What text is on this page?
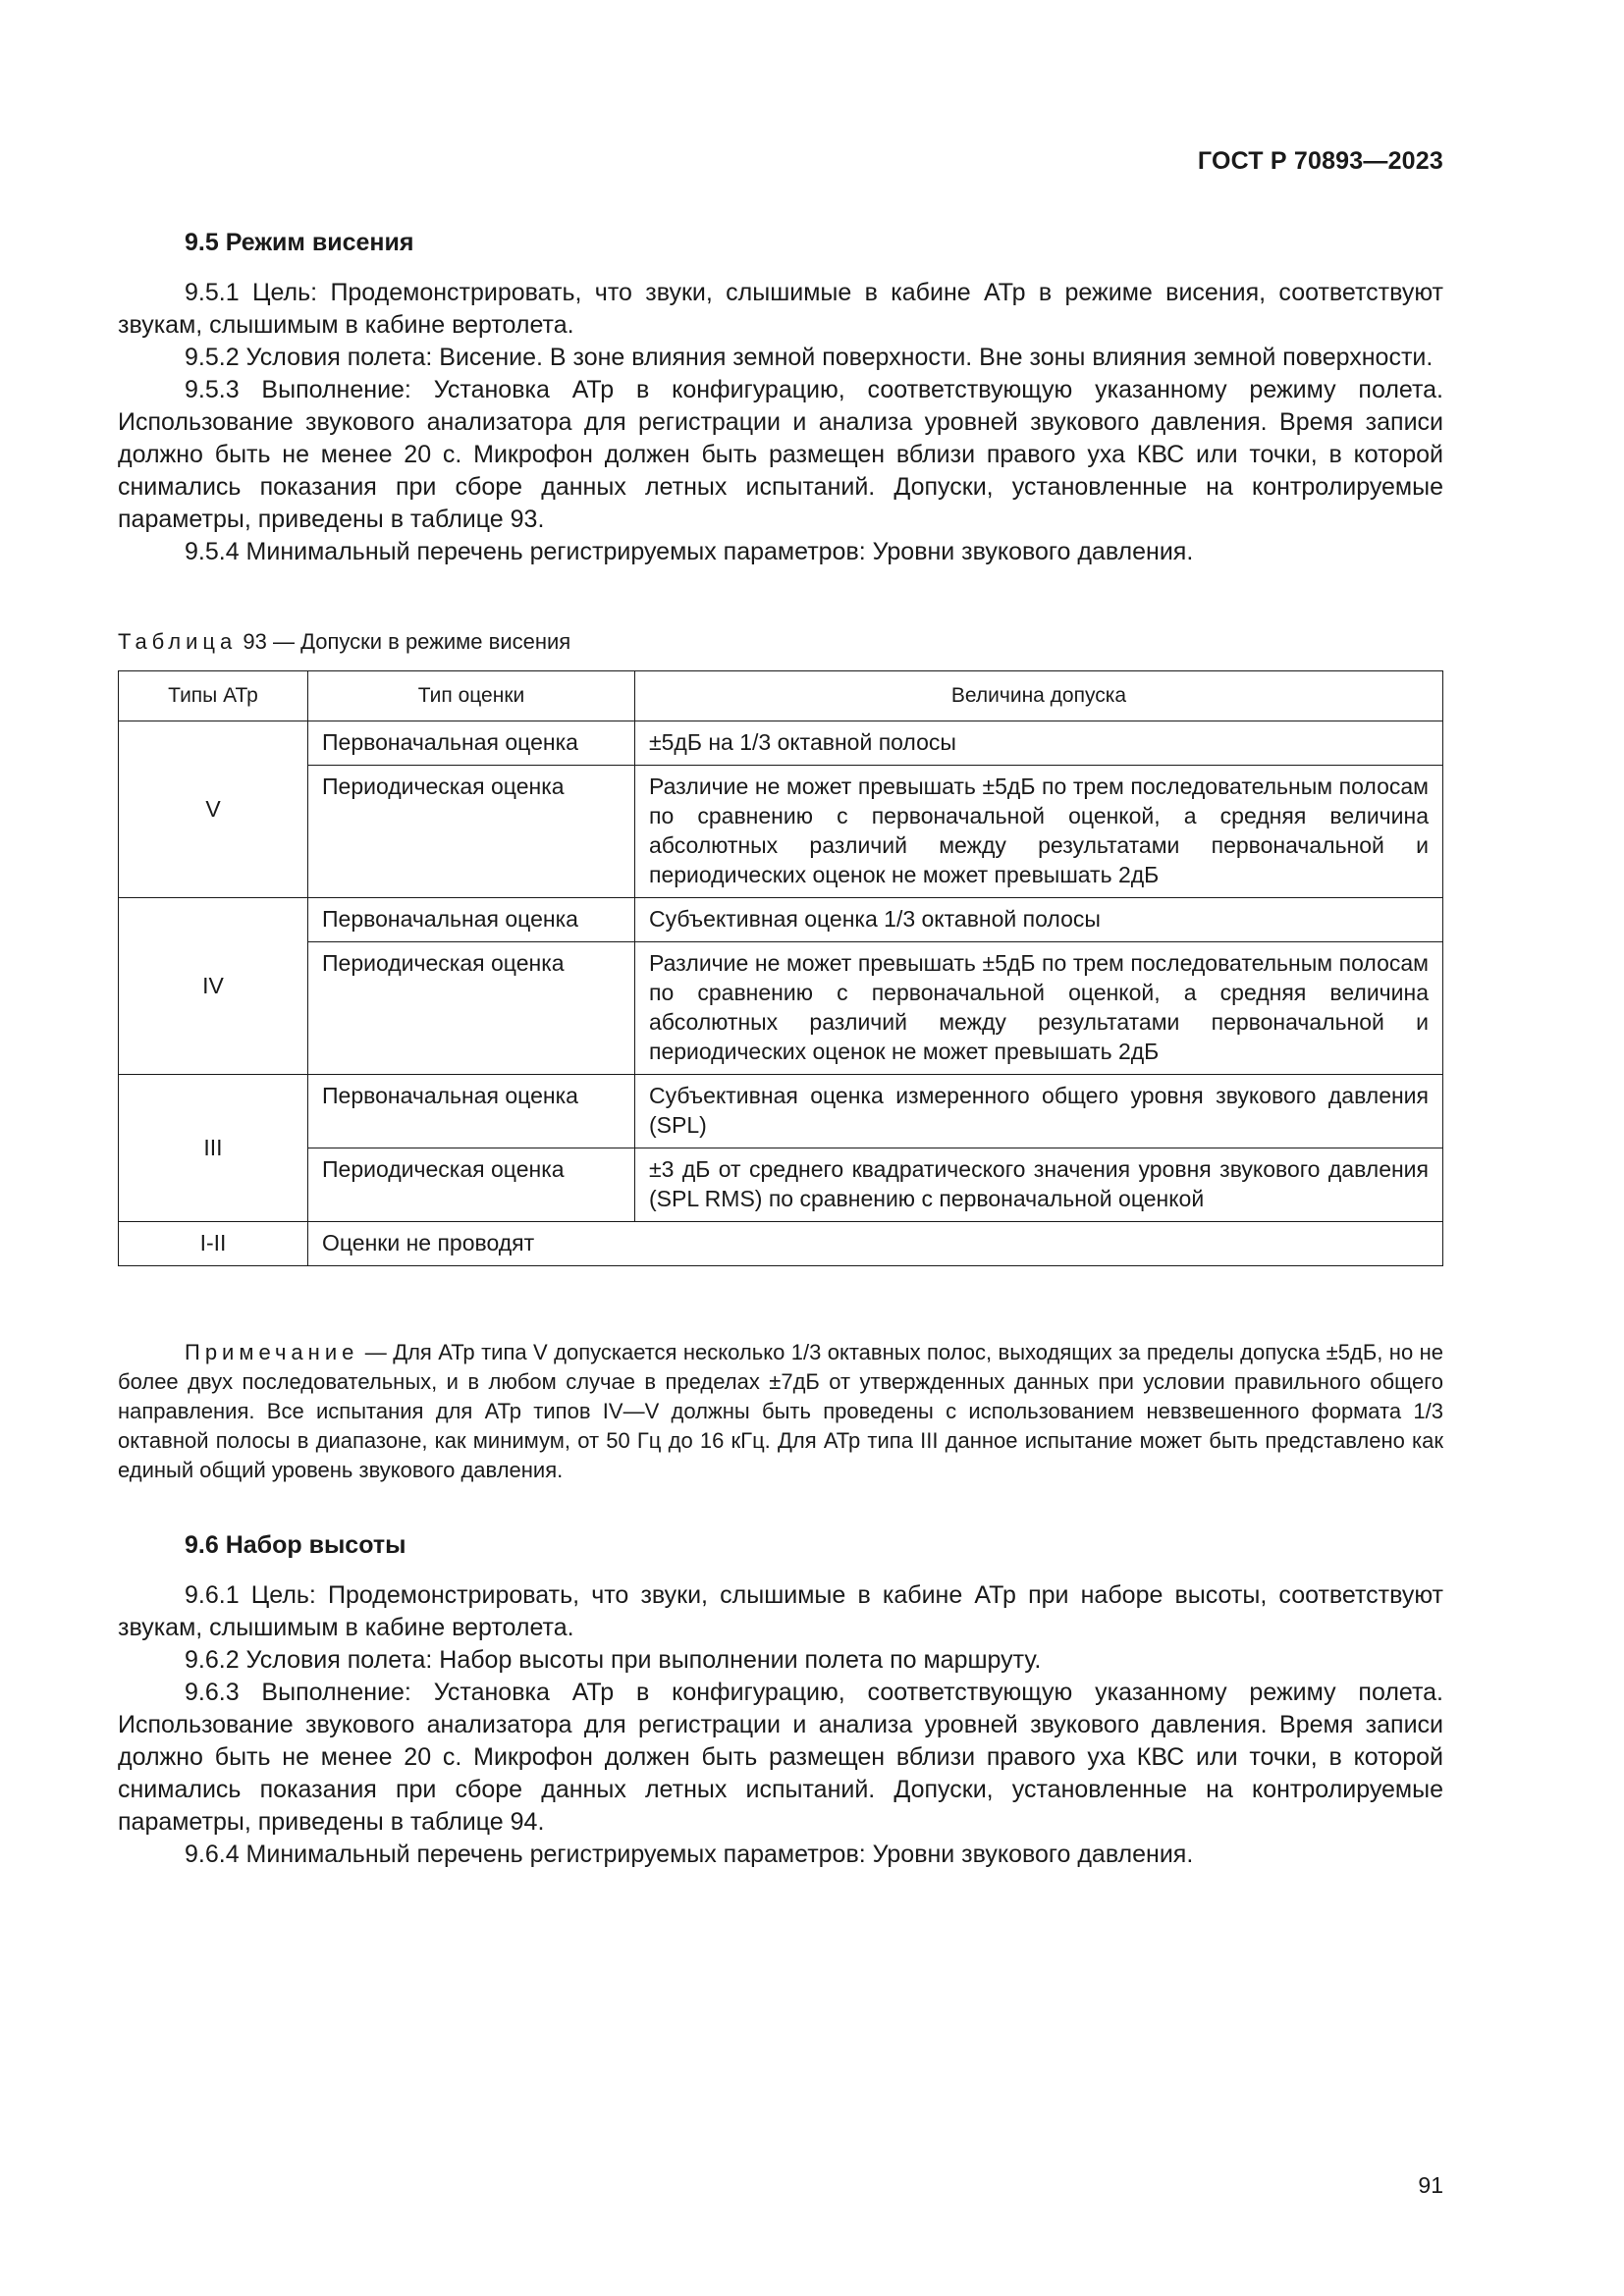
ГОСТ Р 70893—2023
9.5 Режим висения

9.5.1 Цель: Продемонстрировать, что звуки, слышимые в кабине АТр в режиме висения, соответствуют звукам, слышимым в кабине вертолета.

9.5.2 Условия полета: Висение. В зоне влияния земной поверхности. Вне зоны влияния земной поверхности.

9.5.3 Выполнение: Установка АТр в конфигурацию, соответствующую указанному режиму полета. Использование звукового анализатора для регистрации и анализа уровней звукового давления. Время записи должно быть не менее 20 с. Микрофон должен быть размещен вблизи правого уха КВС или точки, в которой снимались показания при сборе данных летных испытаний. Допуски, установленные на контролируемые параметры, приведены в таблице 93.

9.5.4 Минимальный перечень регистрируемых параметров: Уровни звукового давления.

Таблица 93 — Допуски в режиме висения
Типы АТр	Тип оценки	Величина допуска
V	Первоначальная оценка	±5дБ на 1/3 октавной полосы
	Периодическая оценка	Различие не может превышать ±5дБ по трем последовательным полосам по сравнению с первоначальной оценкой, а средняя величина абсолютных различий между результатами первоначальной и периодических оценок не может превышать 2дБ
IV	Первоначальная оценка	Субъективная оценка 1/3 октавной полосы
	Периодическая оценка	Различие не может превышать ±5дБ по трем последовательным полосам по сравнению с первоначальной оценкой, а средняя величина абсолютных различий между результатами первоначальной и периодических оценок не может превышать 2дБ
III	Первоначальная оценка	Субъективная оценка измеренного общего уровня звукового давления (SPL)
	Периодическая оценка	±3 дБ от среднего квадратического значения уровня звукового давления (SPL RMS) по сравнению с первоначальной оценкой
I-II	Оценки не проводят	
Примечание — Для АТр типа V допускается несколько 1/3 октавных полос, выходящих за пределы допуска ±5дБ, но не более двух последовательных, и в любом случае в пределах ±7дБ от утвержденных данных при условии правильного общего направления. Все испытания для АТр типов IV—V должны быть проведены с использованием невзвешенного формата 1/3 октавной полосы в диапазоне, как минимум, от 50 Гц до 16 кГц. Для АТр типа III данное испытание может быть представлено как единый общий уровень звукового давления.
9.6 Набор высоты

9.6.1 Цель: Продемонстрировать, что звуки, слышимые в кабине АТр при наборе высоты, соответствуют звукам, слышимым в кабине вертолета.

9.6.2 Условия полета: Набор высоты при выполнении полета по маршруту.

9.6.3 Выполнение: Установка АТр в конфигурацию, соответствующую указанному режиму полета. Использование звукового анализатора для регистрации и анализа уровней звукового давления. Время записи должно быть не менее 20 с. Микрофон должен быть размещен вблизи правого уха КВС или точки, в которой снимались показания при сборе данных летных испытаний. Допуски, установленные на контролируемые параметры, приведены в таблице 94.

9.6.4 Минимальный перечень регистрируемых параметров: Уровни звукового давления.

91
